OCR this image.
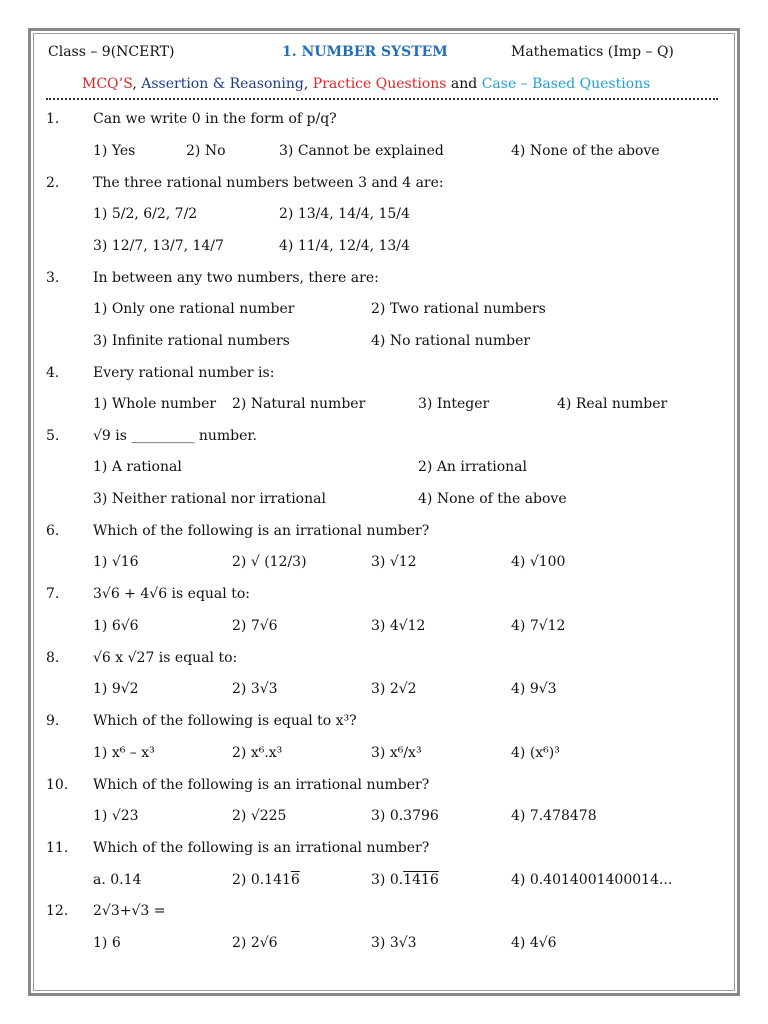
Class – 9(NCERT)	1. NUMBER SYSTEM	Mathematics (Imp – Q)
MCQ’S, Assertion & Reasoning, Practice Questions and Case – Based Questions
1. Can we write 0 in the form of p/q?
1) Yes	2) No	3) Cannot be explained	4) None of the above
2. The three rational numbers between 3 and 4 are:
1) 5/2, 6/2, 7/2	2) 13/4, 14/4, 15/4
3) 12/7, 13/7, 14/7	4) 11/4, 12/4, 13/4
3. In between any two numbers, there are:
1) Only one rational number	2) Two rational numbers
3) Infinite rational numbers	4) No rational number
4. Every rational number is:
1) Whole number 2) Natural number	3) Integer	4) Real number
5. √9 is _________ number.
1) A rational	2) An irrational
3) Neither rational nor irrational	4) None of the above
6. Which of the following is an irrational number?
1) √16	2) √ (12/3)	3) √12	4) √100
7. 3√6 + 4√6 is equal to:
1) 6√6	2) 7√6	3) 4√12	4) 7√12
8. √6 x √27 is equal to:
1) 9√2	2) 3√3	3) 2√2	4) 9√3
9. Which of the following is equal to x³?
1) x⁶ – x³	2) x⁶.x³	3) x⁶/x³	4) (x⁶)³
10. Which of the following is an irrational number?
1) √23	2) √225	3) 0.3796	4) 7.478478
11. Which of the following is an irrational number?
a. 0.14	2) 0.1416	3) 0.1416	4) 0.4014001400014...
12. 2√3+√3 =
1) 6	2) 2√6	3) 3√3	4) 4√6
